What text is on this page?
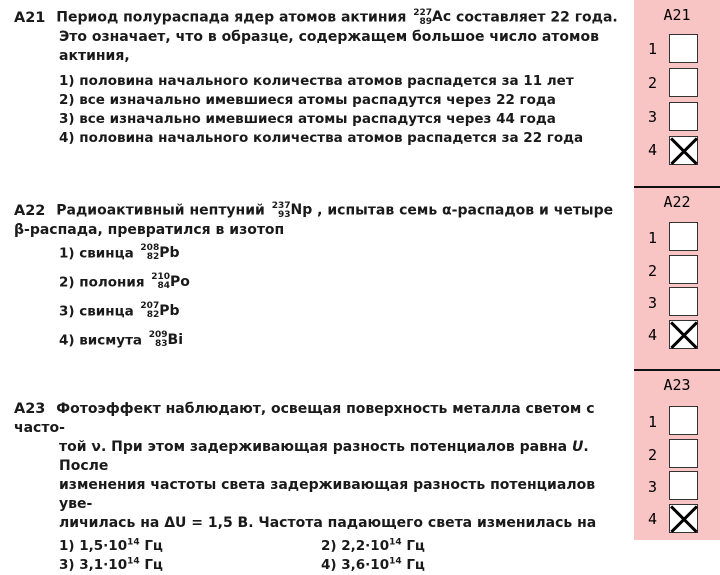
A21 Период полураспада ядер атомов актиния 227
89 Ac составляет 22 года.
Это означает, что в образце, содержащем большое число атомов актиния,
1) половина начального количества атомов распадется за 11 лет
2) все изначально имевшиеся атомы распадутся через 22 года
3) все изначально имевшиеся атомы распадутся через 44 года
4) половина начального количества атомов распадется за 22 года
A22 Радиоактивный нептуний 237
93 Np , испытав семь α-распадов и четыре
β-распада, превратился в изотоп
1) свинца 208
82 Pb
2) полония 210
84 Po
3) свинца 207
82 Pb
4) висмута 209
83 Bi
A23 Фотоэффект наблюдают, освещая поверхность металла светом с часто-
той ν. При этом задерживающая разность потенциалов равна U. После
изменения частоты света задерживающая разность потенциалов уве-
личилась на ΔU = 1,5 В. Частота падающего света изменилась на
1) $1,5\cdot 10^{14}$ Гц	2) $2,2\cdot 10^{14}$ Гц
3) $3,1\cdot 10^{14}$ Гц	4) $3,6\cdot 10^{14}$ Гц
A21
1
2
3
4
A22
1
2
3
4
A23
1
2
3
4
